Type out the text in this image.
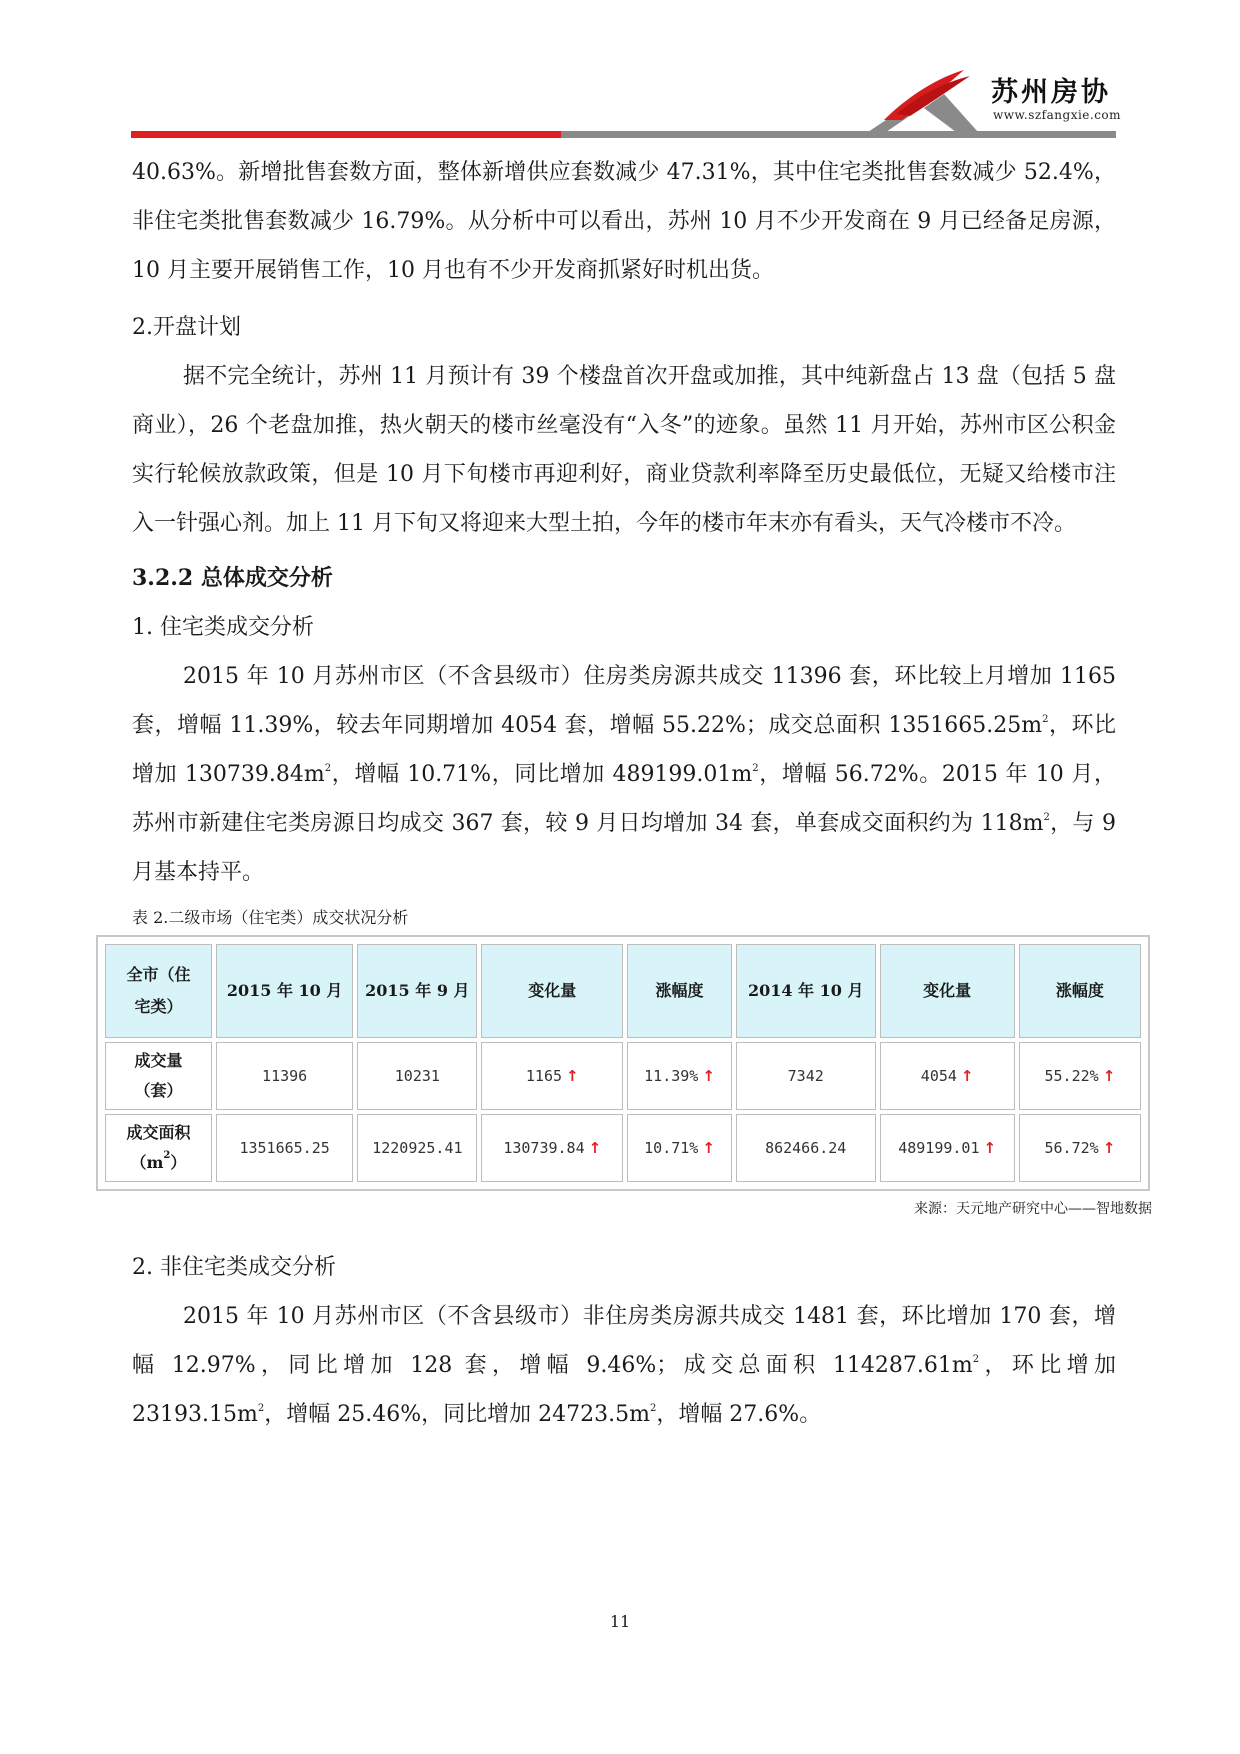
苏州房协
www.szfangxie.com

40.63%。新增批售套数方面，整体新增供应套数减少 47.31%，其中住宅类批售套数减少 52.4%，非住宅类批售套数减少 16.79%。从分析中可以看出，苏州 10 月不少开发商在 9 月已经备足房源，10 月主要开展销售工作，10 月也有不少开发商抓紧好时机出货。

2.开盘计划

据不完全统计，苏州 11 月预计有 39 个楼盘首次开盘或加推，其中纯新盘占 13 盘（包括 5 盘商业），26 个老盘加推，热火朝天的楼市丝毫没有“入冬”的迹象。虽然 11 月开始，苏州市区公积金实行轮候放款政策，但是 10 月下旬楼市再迎利好，商业贷款利率降至历史最低位，无疑又给楼市注入一针强心剂。加上 11 月下旬又将迎来大型土拍，今年的楼市年末亦有看头，天气冷楼市不冷。

3.2.2 总体成交分析

1. 住宅类成交分析

2015 年 10 月苏州市区（不含县级市）住房类房源共成交 11396 套，环比较上月增加 1165 套，增幅 11.39%，较去年同期增加 4054 套，增幅 55.22%；成交总面积 $1351665.25m^2$，环比增加 $130739.84m^2$，增幅 10.71%，同比增加 $489199.01m^2$，增幅 56.72%。2015 年 10 月，苏州市新建住宅类房源日均成交 367 套，较 9 月日均增加 34 套，单套成交面积约为 $118m^2$，与 9 月基本持平。

表 2.二级市场（住宅类）成交状况分析
全市（住宅类）	2015 年 10 月	2015 年 9 月	变化量	涨幅度	2014 年 10 月	变化量	涨幅度
成交量（套）	11396	10231	1165 ↑	11.39% ↑	7342	4054 ↑	55.22% ↑
成交面积
$(m^2)$	1351665.25	1220925.41	130739.84 ↑	10.71% ↑	862466.24	489199.01 ↑	56.72% ↑
来源：天元地产研究中心——智地数据

2. 非住宅类成交分析

2015 年 10 月苏州市区（不含县级市）非住房类房源共成交 1481 套，环比增加 170 套，增幅 12.97%，同比增加 128 套，增幅 9.46%；成交总面积 $114287.61m^2$，环比增加 $23193.15m^2$，增幅 25.46%，同比增加 $24723.5m^2$，增幅 27.6%。

11
